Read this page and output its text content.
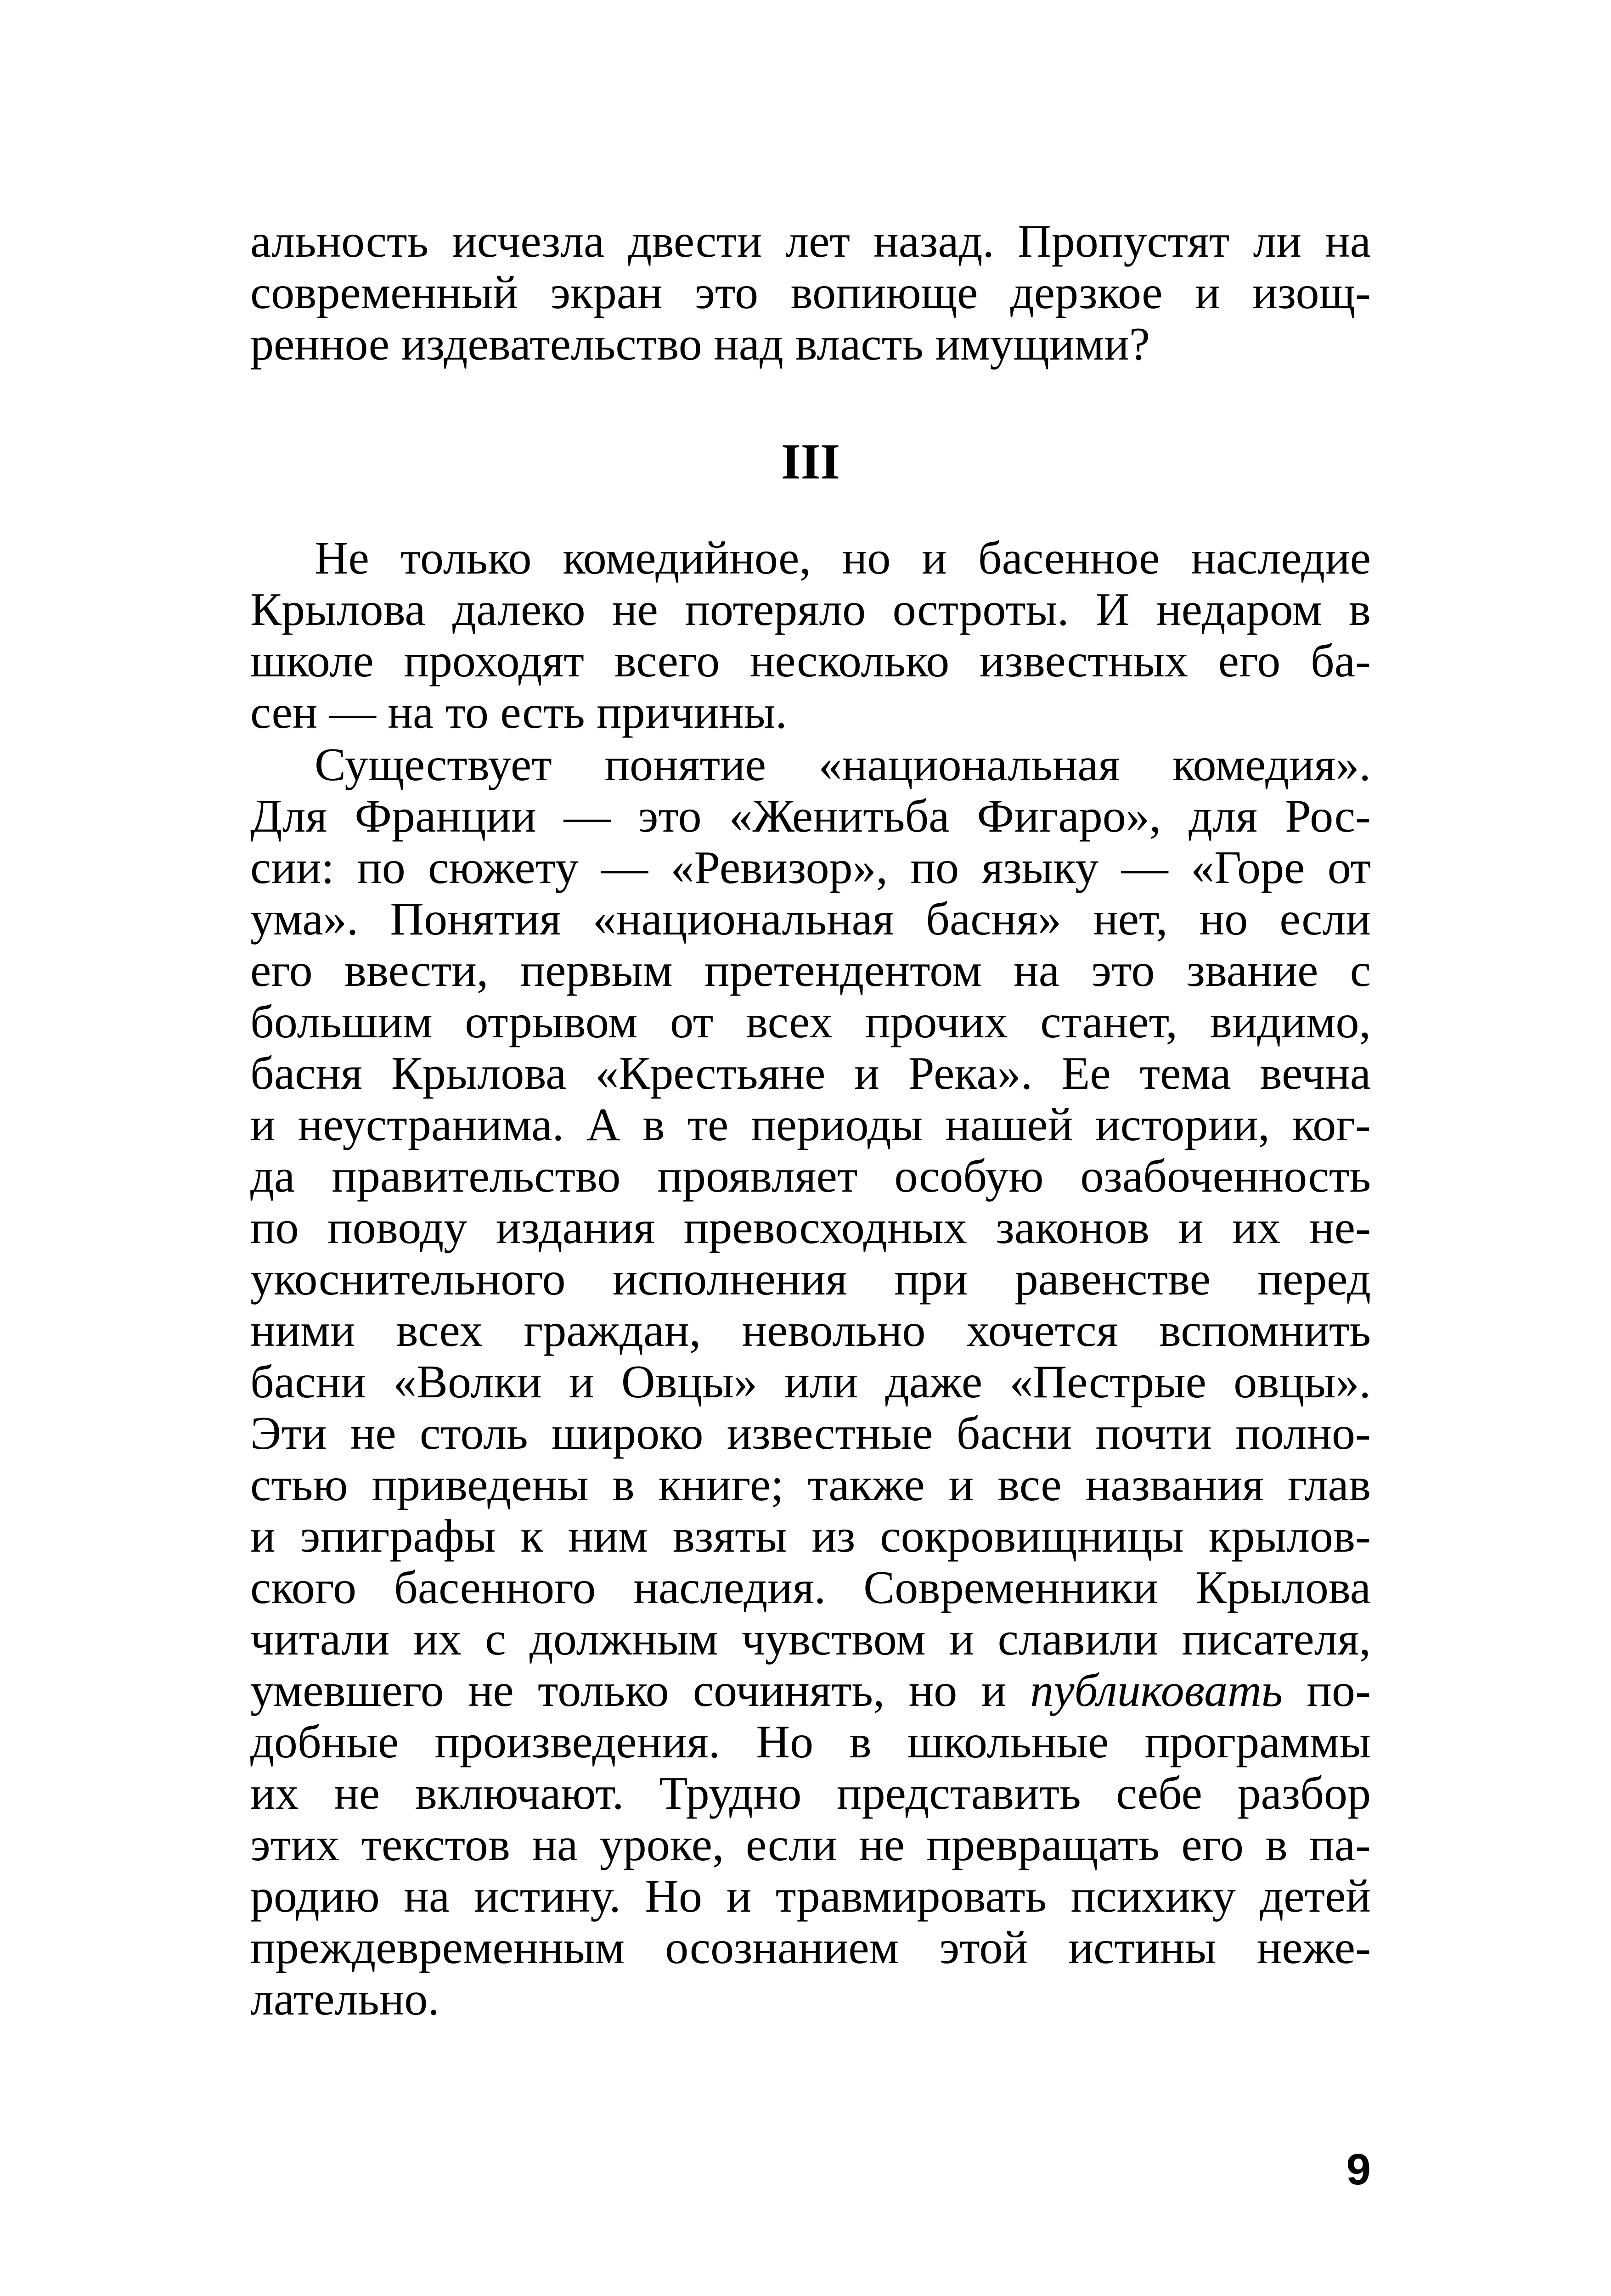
альность исчезла двести лет назад. Пропустят ли на
современный экран это вопиюще дерзкое и изощ-
ренное издевательство над власть имущими?
III
Не только комедийное, но и басенное наследие
Крылова далеко не потеряло остроты. И недаром в
школе проходят всего несколько известных его ба-
сен — на то есть причины.
Существует понятие «национальная комедия».
Для Франции — это «Женитьба Фигаро», для Рос-
сии: по сюжету — «Ревизор», по языку — «Горе от
ума». Понятия «национальная басня» нет, но если
его ввести, первым претендентом на это звание с
большим отрывом от всех прочих станет, видимо,
басня Крылова «Крестьяне и Река». Ее тема вечна
и неустранима. А в те периоды нашей истории, ког-
да правительство проявляет особую озабоченность
по поводу издания превосходных законов и их не-
укоснительного исполнения при равенстве перед
ними всех граждан, невольно хочется вспомнить
басни «Волки и Овцы» или даже «Пестрые овцы».
Эти не столь широко известные басни почти полно-
стью приведены в книге; также и все названия глав
и эпиграфы к ним взяты из сокровищницы крылов-
ского басенного наследия. Современники Крылова
читали их с должным чувством и славили писателя,
умевшего не только сочинять, но и публиковать по-
добные произведения. Но в школьные программы
их не включают. Трудно представить себе разбор
этих текстов на уроке, если не превращать его в па-
родию на истину. Но и травмировать психику детей
преждевременным осознанием этой истины неже-
лательно.
9
